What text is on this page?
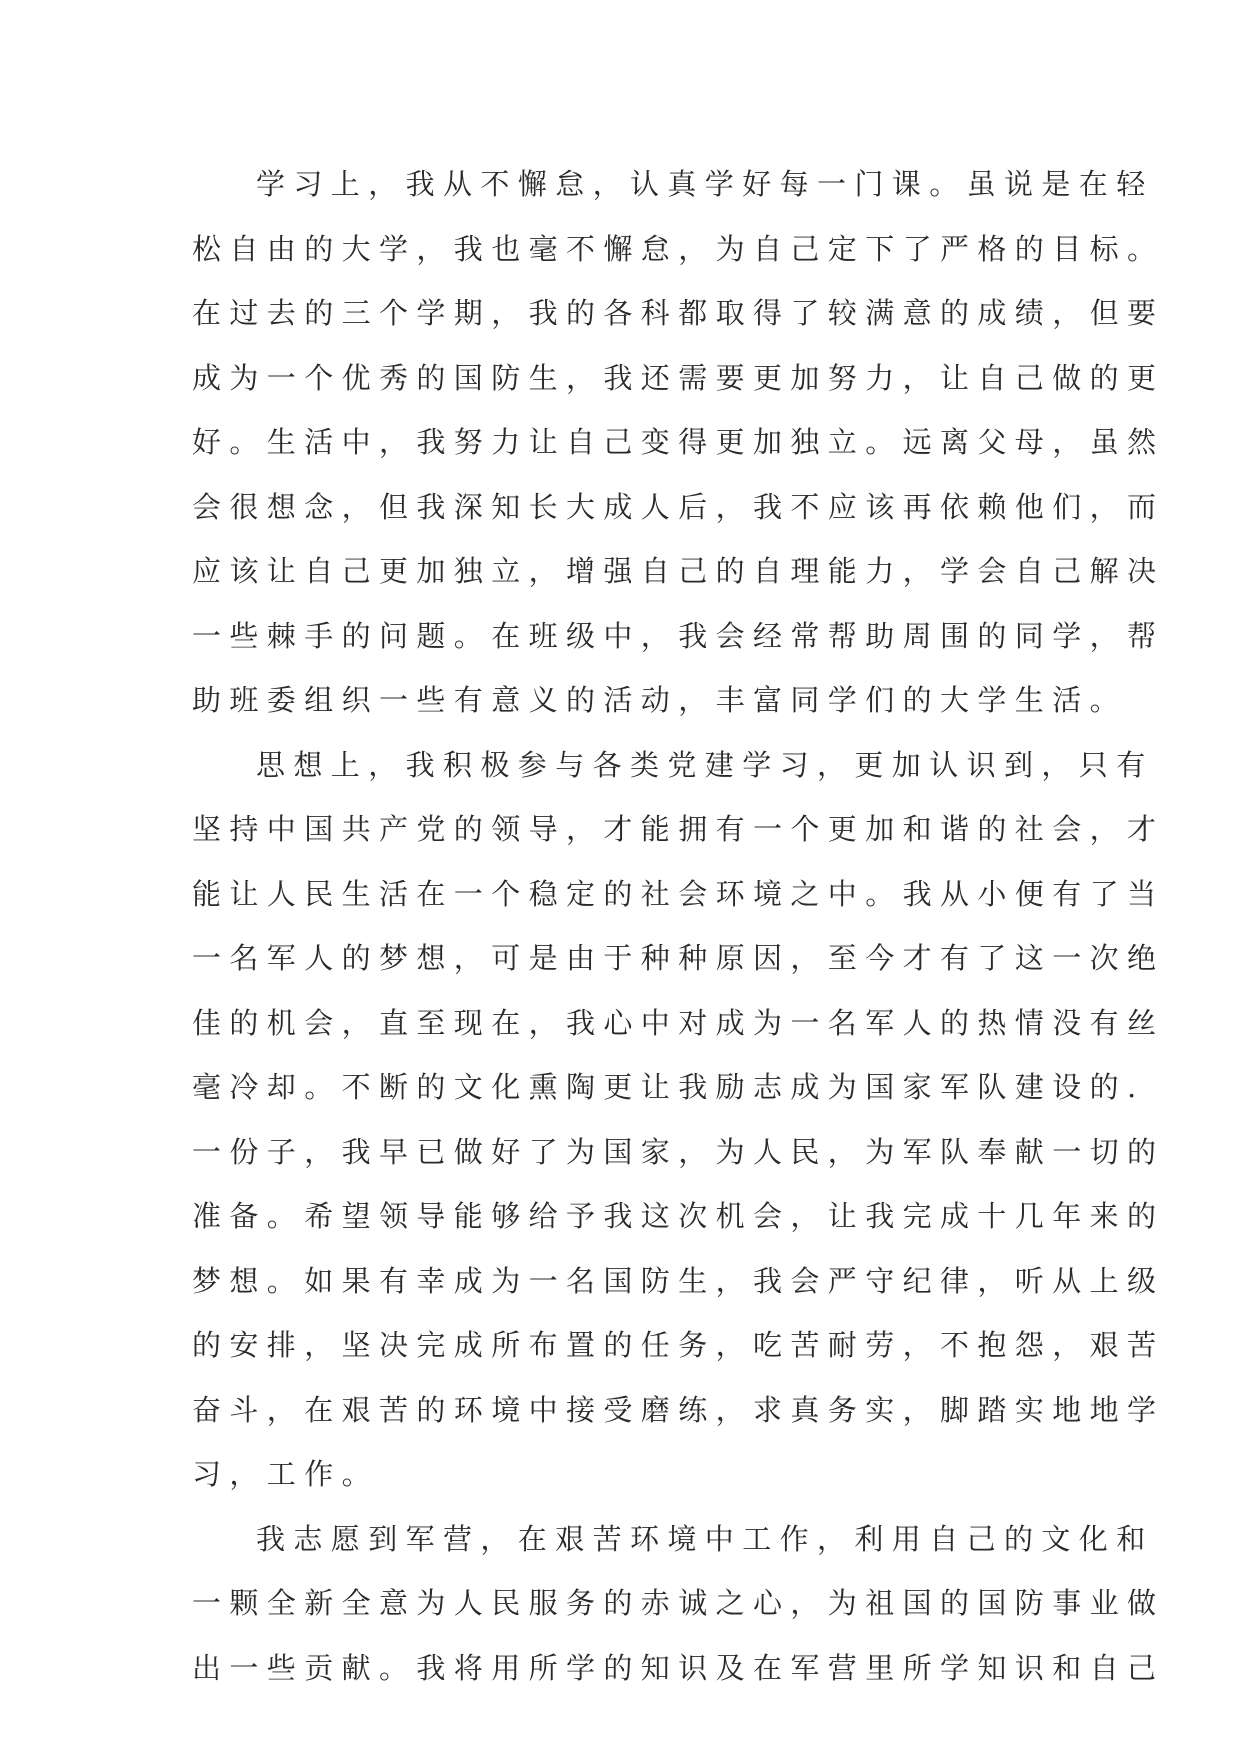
学习上，我从不懈怠，认真学好每一门课。虽说是在轻
松自由的大学，我也毫不懈怠，为自己定下了严格的目标。
在过去的三个学期，我的各科都取得了较满意的成绩，但要
成为一个优秀的国防生，我还需要更加努力，让自己做的更
好。生活中，我努力让自己变得更加独立。远离父母，虽然
会很想念，但我深知长大成人后，我不应该再依赖他们，而
应该让自己更加独立，增强自己的自理能力，学会自己解决
一些棘手的问题。在班级中，我会经常帮助周围的同学，帮
助班委组织一些有意义的活动，丰富同学们的大学生活。
思想上，我积极参与各类党建学习，更加认识到，只有
坚持中国共产党的领导，才能拥有一个更加和谐的社会，才
能让人民生活在一个稳定的社会环境之中。我从小便有了当
一名军人的梦想，可是由于种种原因，至今才有了这一次绝
佳的机会，直至现在，我心中对成为一名军人的热情没有丝
毫冷却。不断的文化熏陶更让我励志成为国家军队建设的.
一份子，我早已做好了为国家，为人民，为军队奉献一切的
准备。希望领导能够给予我这次机会，让我完成十几年来的
梦想。如果有幸成为一名国防生，我会严守纪律，听从上级
的安排，坚决完成所布置的任务，吃苦耐劳，不抱怨，艰苦
奋斗，在艰苦的环境中接受磨练，求真务实，脚踏实地地学
习，工作。
我志愿到军营，在艰苦环境中工作，利用自己的文化和
一颗全新全意为人民服务的赤诚之心，为祖国的国防事业做
出一些贡献。我将用所学的知识及在军营里所学知识和自己
